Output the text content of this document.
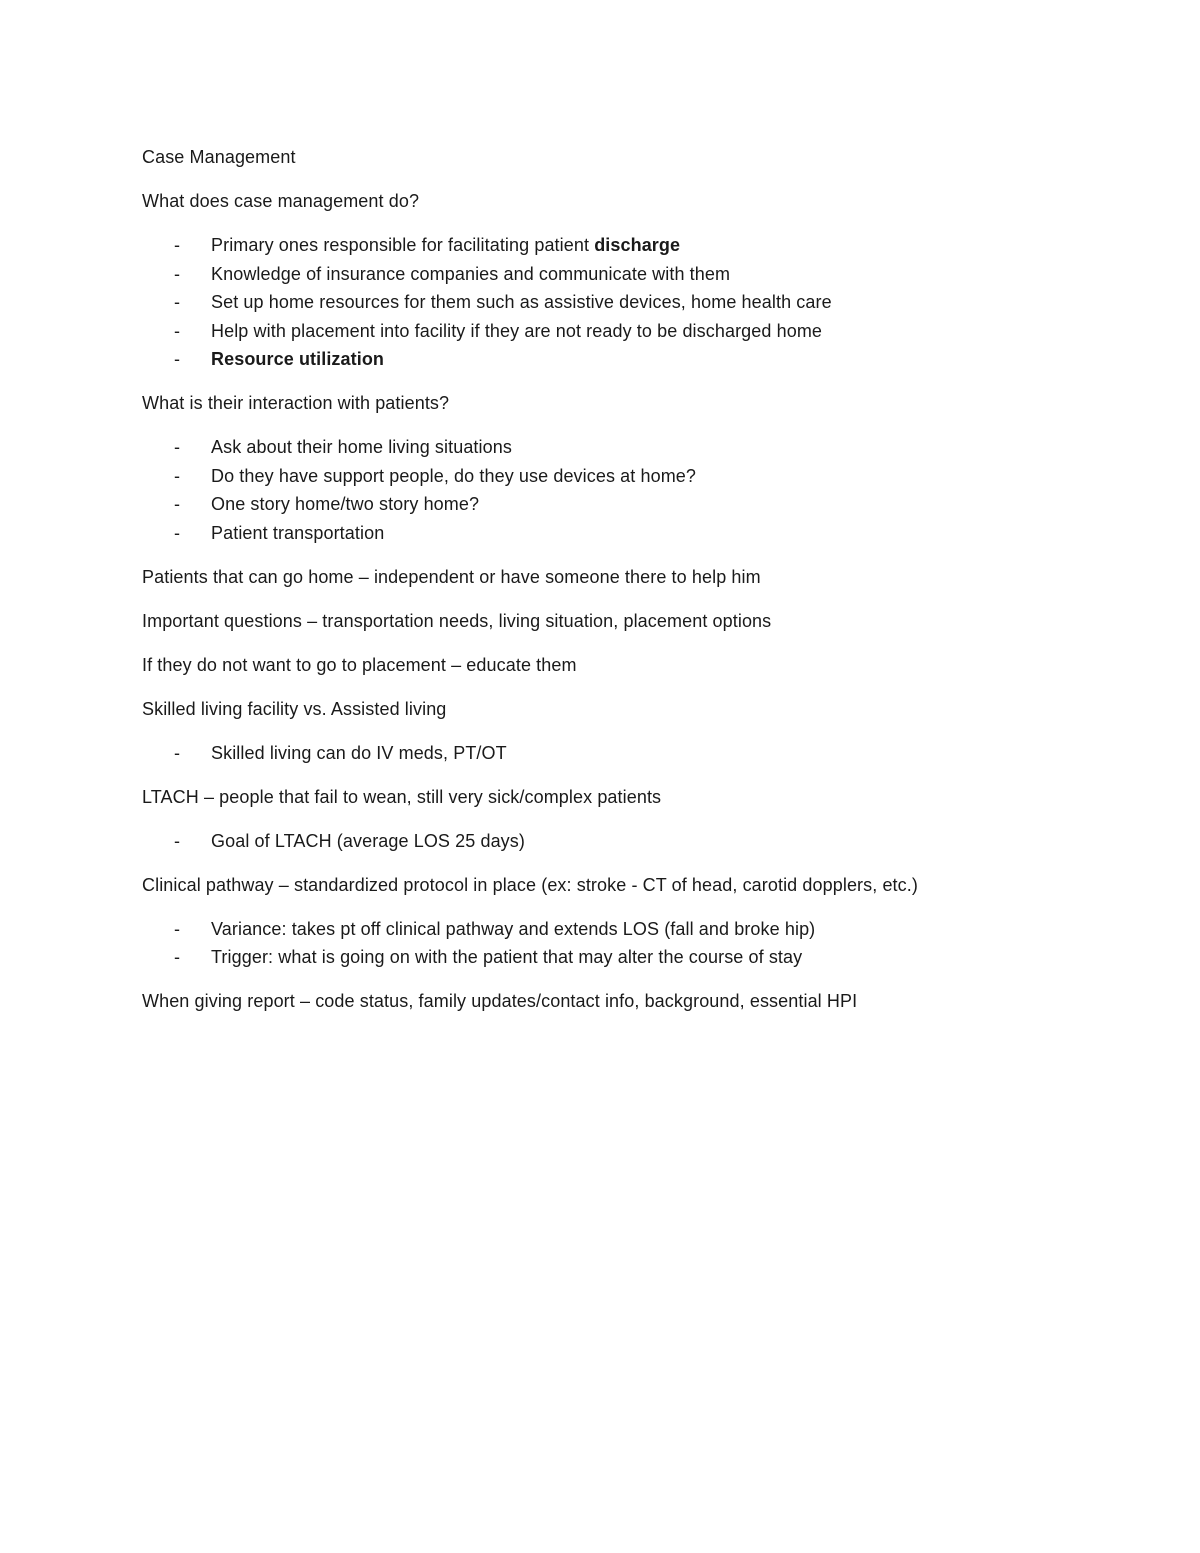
Case Management

What does case management do?

- Primary ones responsible for facilitating patient discharge
- Knowledge of insurance companies and communicate with them
- Set up home resources for them such as assistive devices, home health care
- Help with placement into facility if they are not ready to be discharged home
- Resource utilization

What is their interaction with patients?

- Ask about their home living situations
- Do they have support people, do they use devices at home?
- One story home/two story home?
- Patient transportation

Patients that can go home – independent or have someone there to help him

Important questions – transportation needs, living situation, placement options

If they do not want to go to placement – educate them

Skilled living facility vs. Assisted living

- Skilled living can do IV meds, PT/OT

LTACH – people that fail to wean, still very sick/complex patients

- Goal of LTACH (average LOS 25 days)

Clinical pathway – standardized protocol in place (ex: stroke - CT of head, carotid dopplers, etc.)

- Variance: takes pt off clinical pathway and extends LOS (fall and broke hip)
- Trigger: what is going on with the patient that may alter the course of stay

When giving report – code status, family updates/contact info, background, essential HPI
